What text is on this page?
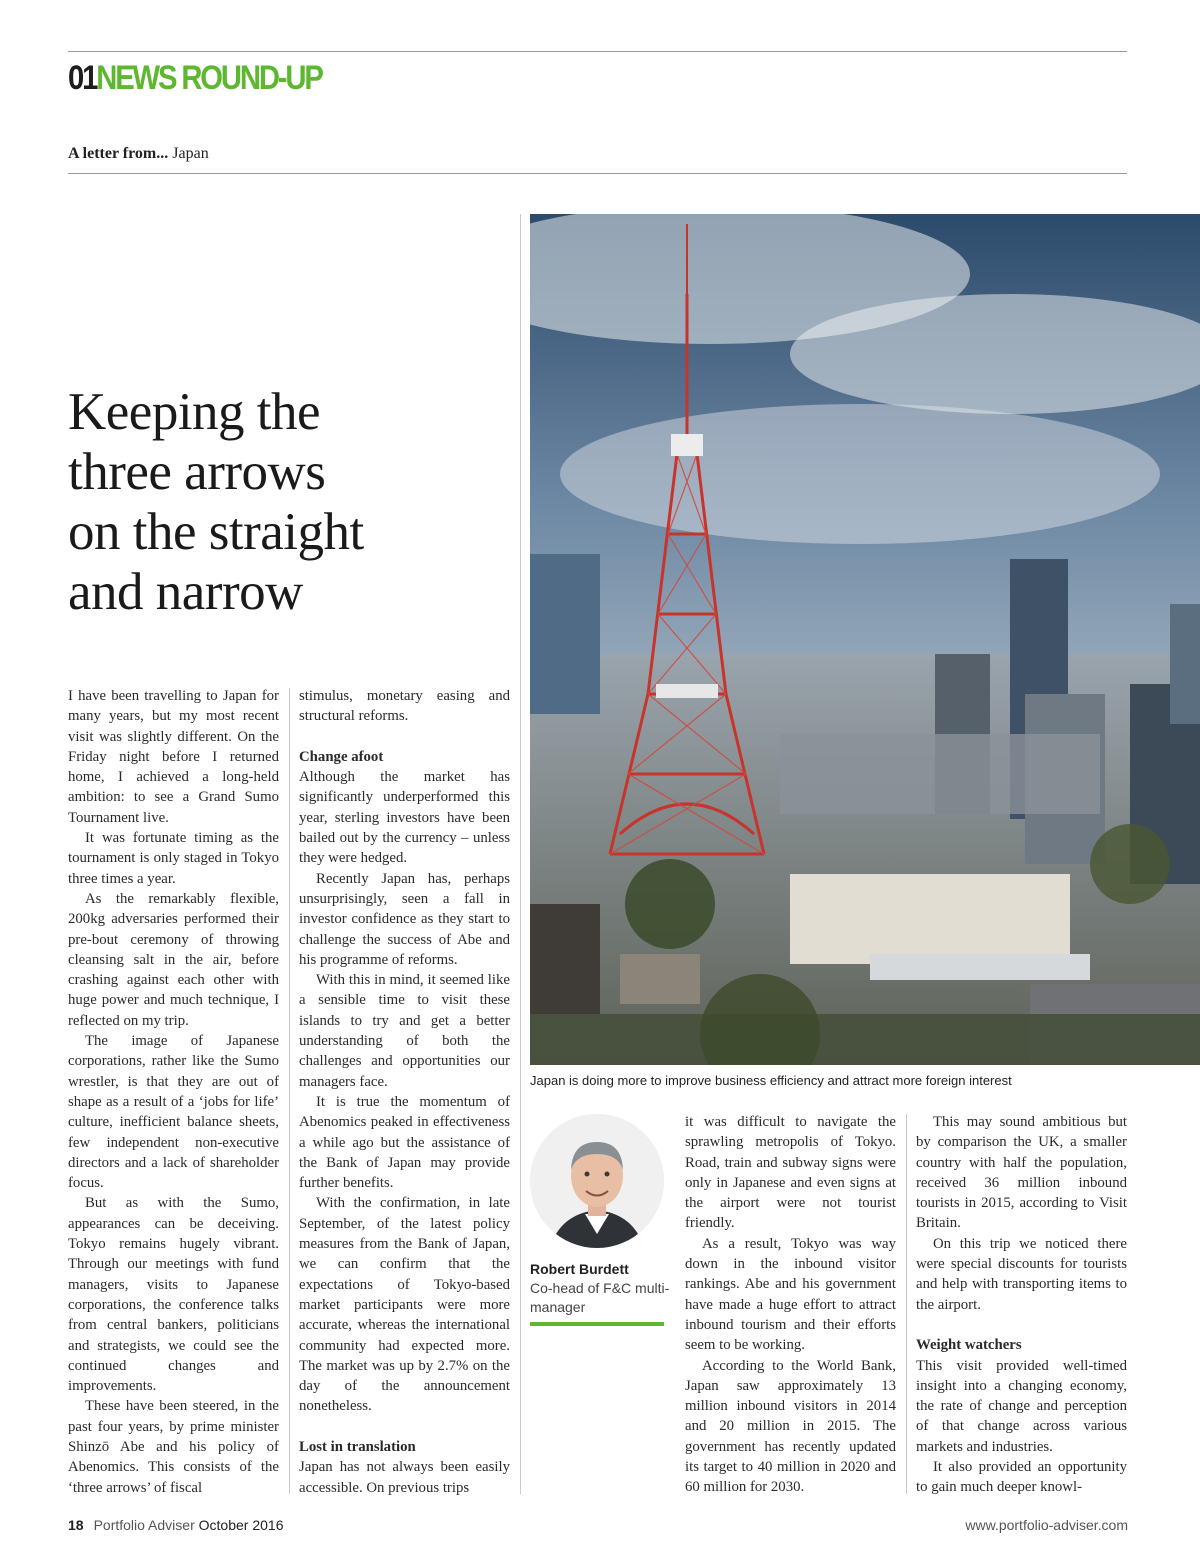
01NEWS ROUND-UP
A letter from... Japan
Keeping the
three arrows
on the straight
and narrow

I have been travelling to Japan for many years, but my most recent visit was slightly different. On the Friday night before I returned home, I achieved a long-held ambition: to see a Grand Sumo Tournament live.

It was fortunate timing as the tournament is only staged in Tokyo three times a year.

As the remarkably flexible, 200kg adversaries performed their pre-bout ceremony of throwing cleansing salt in the air, before crashing against each other with huge power and much technique, I reflected on my trip.

The image of Japanese corporations, rather like the Sumo wrestler, is that they are out of shape as a result of a ‘jobs for life’ culture, inefficient balance sheets, few independent non-executive directors and a lack of shareholder focus.

But as with the Sumo, appearances can be deceiving. Tokyo remains hugely vibrant. Through our meetings with fund managers, visits to Japanese corporations, the conference talks from central bankers, politicians and strategists, we could see the continued changes and improvements.

These have been steered, in the past four years, by prime minister Shinzō Abe and his policy of Abenomics. This consists of the ‘three arrows’ of fiscal

stimulus, monetary easing and structural reforms.

Change afoot

Although the market has significantly underperformed this year, sterling investors have been bailed out by the currency – unless they were hedged.

Recently Japan has, perhaps unsurprisingly, seen a fall in investor confidence as they start to challenge the success of Abe and his programme of reforms.

With this in mind, it seemed like a sensible time to visit these islands to try and get a better understanding of both the challenges and opportunities our managers face.

It is true the momentum of Abenomics peaked in effectiveness a while ago but the assistance of the Bank of Japan may provide further benefits.

With the confirmation, in late September, of the latest policy measures from the Bank of Japan, we can confirm that the expectations of Tokyo-based market participants were more accurate, whereas the international community had expected more. The market was up by 2.7% on the day of the announcement nonetheless.

Lost in translation

Japan has not always been easily accessible. On previous trips

Japan is doing more to improve business efficiency and attract more foreign interest
Robert Burdett
Co-head of F&C multi-manager

it was difficult to navigate the sprawling metropolis of Tokyo. Road, train and subway signs were only in Japanese and even signs at the airport were not tourist friendly.

As a result, Tokyo was way down in the inbound visitor rankings. Abe and his government have made a huge effort to attract inbound tourism and their efforts seem to be working.

According to the World Bank, Japan saw approximately 13 million inbound visitors in 2014 and 20 million in 2015. The government has recently updated its target to 40 million in 2020 and 60 million for 2030.

This may sound ambitious but by comparison the UK, a smaller country with half the population, received 36 million inbound tourists in 2015, according to Visit Britain.

On this trip we noticed there were special discounts for tourists and help with transporting items to the airport.

Weight watchers

This visit provided well-timed insight into a changing economy, the rate of change and perception of that change across various markets and industries.

It also provided an opportunity to gain much deeper knowl-

18 Portfolio Adviser October 2016	www.portfolio-adviser.com
